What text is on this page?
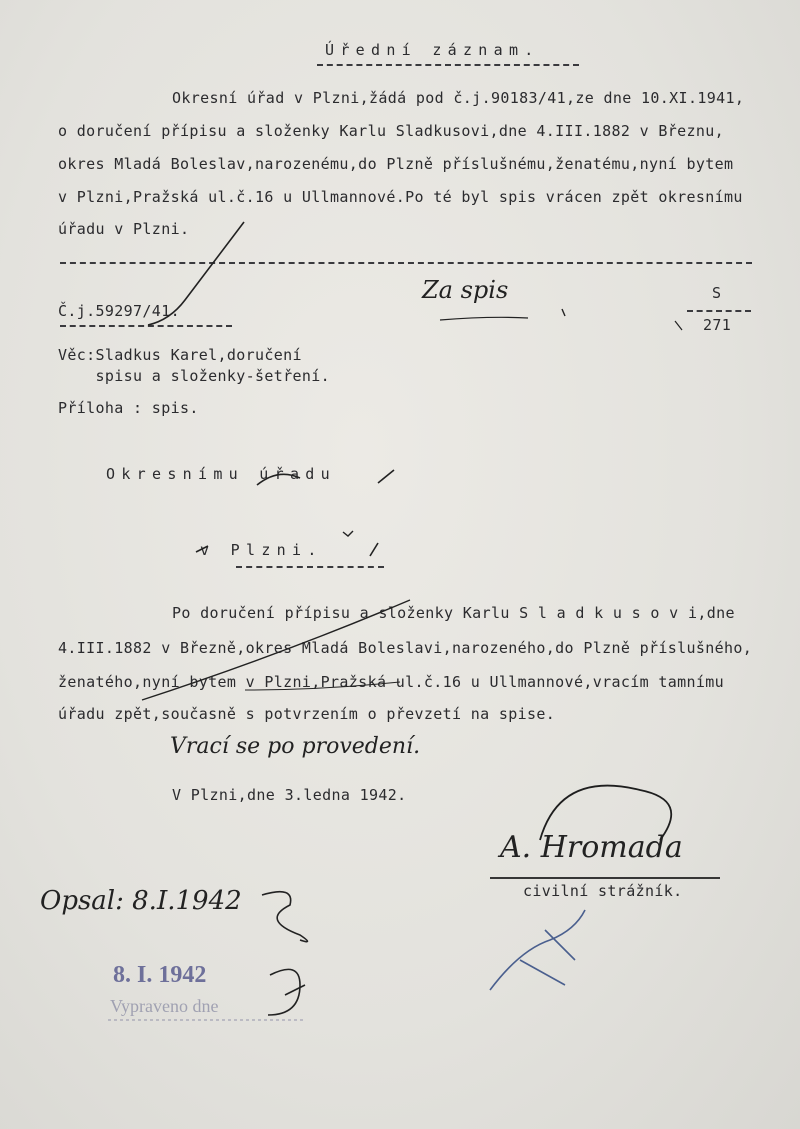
Úřední záznam.
Okresní úřad v Plzni,žádá pod č.j.90183/41,ze dne 10.XI.1941,
o doručení přípisu a složenky Karlu Sladkusovi,dne 4.III.1882 v Březnu,
okres Mladá Boleslav,narozenému,do Plzně příslušnému,ženatému,nyní bytem
v Plzni,Pražská ul.č.16 u Ullmannové.Po té byl spis vrácen zpět okresnímu
úřadu v Plzni.
Č.j.59297/41.
Za spis	S
271
Věc:Sladkus Karel,doručení
spisu a složenky-šetření.
Příloha : spis.
Okresnímu úřadu
v Plzni.
Po doručení přípisu a složenky Karlu S l a d k u s o v i,dne
4.III.1882 v Březně,okres Mladá Boleslavi,narozeného,do Plzně příslušného,
ženatého,nyní bytem v Plzni,Pražská ul.č.16 u Ullmannové,vracím tamnímu
úřadu zpět,současně s potvrzením o převzetí na spise.
Vrací se po provedení.
V Plzni,dne 3.ledna 1942.
A. Hromada
civilní strážník.
Opsal: 8.I.1942
8. I. 1942
Vypraveno dne
